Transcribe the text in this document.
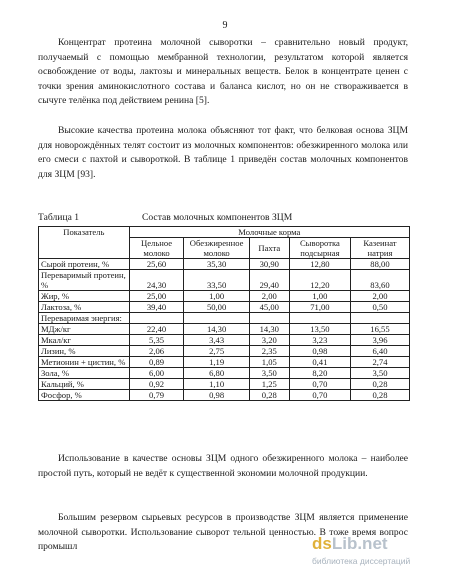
9

Концентрат протеина молочной сыворотки – сравнительно новый продукт, получаемый с помощью мембранной технологии, результатом которой является освобождение от воды, лактозы и минеральных веществ. Белок в концентрате ценен с точки зрения аминокислотного состава и баланса кислот, но он не створаживается в сычуге телёнка под действием ренина [5].

Высокие качества протеина молока объясняют тот факт, что белковая основа ЗЦМ для новорождённых телят состоит из молочных компонентов: обезжиренного молока или его смеси с пахтой и сывороткой. В таблице 1 приведён состав молочных компонентов для ЗЦМ [93].

Таблица 1	Состав молочных компонентов ЗЦМ
Показатель	Молочные корма				
	Цельное молоко	Обезжиренное молоко	Пахта	Сыворотка подсырная	Казеинат натрия
Сырой протеин, %	25,60	35,30	30,90	12,80	88,00
Переваримый протеин, %	24,30	33,50	29,40	12,20	83,60
Жир, %	25,00	1,00	2,00	1,00	2,00
Лактоза, %	39,40	50,00	45,00	71,00	0,50
Переваримая энергия:					
МДж/кг	22,40	14,30	14,30	13,50	16,55
Мкал/кг	5,35	3,43	3,20	3,23	3,96
Лизин, %	2,06	2,75	2,35	0,98	6,40
Метионин + цистин, %	0,89	1,19	1,05	0,41	2,74
Зола, %	6,00	6,80	3,50	8,20	3,50
Кальций, %	0,92	1,10	1,25	0,70	0,28
Фосфор, %	0,79	0,98	0,28	0,70	0,28

Использование в качестве основы ЗЦМ одного обезжиренного молока – наиболее простой путь, который не ведёт к существенной экономии молочной продукции.

Большим резервом сырьевых ресурсов в производстве ЗЦМ является применение молочной сыворотки. Использование сыворот тельной ценностью. В тоже время вопрос промышл	dsLib.net
библиотека диссертаций
